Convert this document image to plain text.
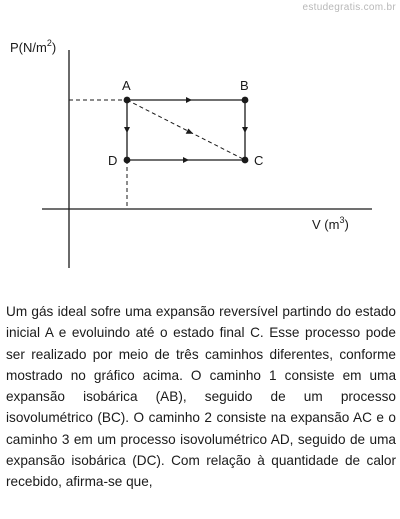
estudegratis.com.br
$P(N/m^2)$
V $(m^3)$
A	B
C
D
Um gás ideal sofre uma expansão reversível partindo do estado inicial A e evoluindo até o estado final C. Esse processo pode ser realizado por meio de três caminhos diferentes, conforme mostrado no gráfico acima. O caminho 1 consiste em uma expansão isobárica (AB), seguido de um processo isovolumétrico (BC). O caminho 2 consiste na expansão AC e o caminho 3 em um processo isovolumétrico AD, seguido de uma expansão isobárica (DC). Com relação à quantidade de calor recebido, afirma-se que,
